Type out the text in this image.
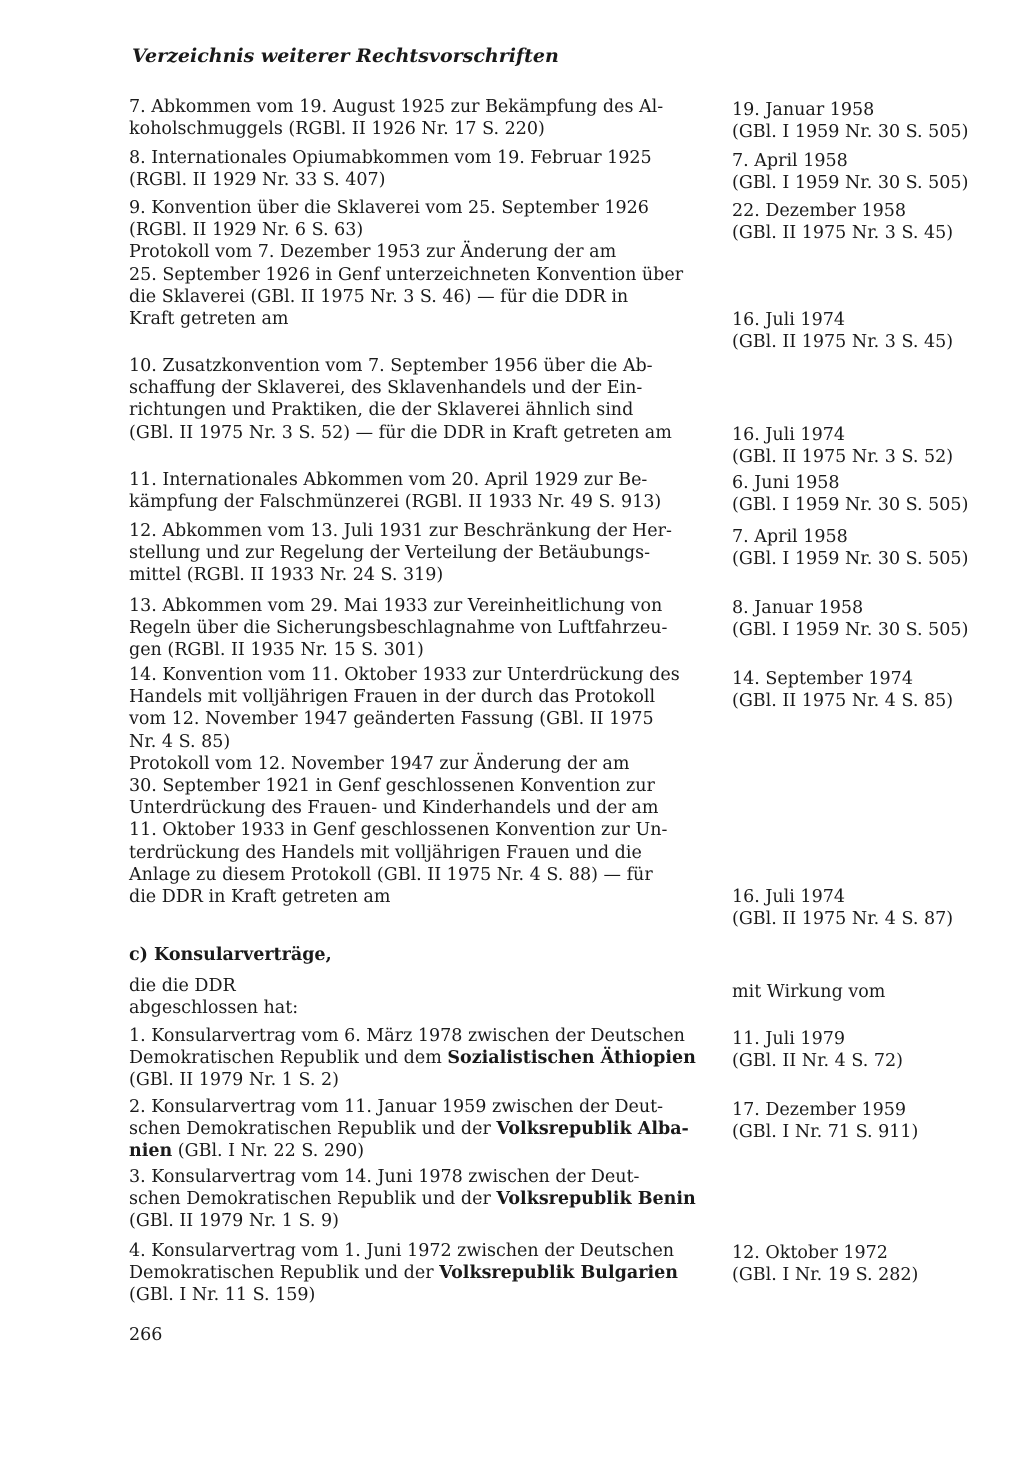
Verzeichnis weiterer Rechtsvorschriften
7. Abkommen vom 19. August 1925 zur Bekämpfung des Al-
koholschmuggels (RGBl. II 1926 Nr. 17 S. 220)
19. Januar 1958
(GBl. I 1959 Nr. 30 S. 505)
8. Internationales Opiumabkommen vom 19. Februar 1925
(RGBl. II 1929 Nr. 33 S. 407)
7. April 1958
(GBl. I 1959 Nr. 30 S. 505)
9. Konvention über die Sklaverei vom 25. September 1926
(RGBl. II 1929 Nr. 6 S. 63)
Protokoll vom 7. Dezember 1953 zur Änderung der am
25. September 1926 in Genf unterzeichneten Konvention über
die Sklaverei (GBl. II 1975 Nr. 3 S. 46) — für die DDR in
Kraft getreten am
22. Dezember 1958
(GBl. II 1975 Nr. 3 S. 45)
16. Juli 1974
(GBl. II 1975 Nr. 3 S. 45)
10. Zusatzkonvention vom 7. September 1956 über die Ab-
schaffung der Sklaverei, des Sklavenhandels und der Ein-
richtungen und Praktiken, die der Sklaverei ähnlich sind
(GBl. II 1975 Nr. 3 S. 52) — für die DDR in Kraft getreten am	16. Juli 1974
(GBl. II 1975 Nr. 3 S. 52)
11. Internationales Abkommen vom 20. April 1929 zur Be-
kämpfung der Falschmünzerei (RGBl. II 1933 Nr. 49 S. 913)
6. Juni 1958
(GBl. I 1959 Nr. 30 S. 505)
12. Abkommen vom 13. Juli 1931 zur Beschränkung der Her-
stellung und zur Regelung der Verteilung der Betäubungs-
mittel (RGBl. II 1933 Nr. 24 S. 319)
7. April 1958
(GBl. I 1959 Nr. 30 S. 505)
13. Abkommen vom 29. Mai 1933 zur Vereinheitlichung von
Regeln über die Sicherungsbeschlagnahme von Luftfahrzeu-
gen (RGBl. II 1935 Nr. 15 S. 301)
8. Januar 1958
(GBl. I 1959 Nr. 30 S. 505)
14. Konvention vom 11. Oktober 1933 zur Unterdrückung des
Handels mit volljährigen Frauen in der durch das Protokoll
vom 12. November 1947 geänderten Fassung (GBl. II 1975
Nr. 4 S. 85)
Protokoll vom 12. November 1947 zur Änderung der am
30. September 1921 in Genf geschlossenen Konvention zur
Unterdrückung des Frauen- und Kinderhandels und der am
11. Oktober 1933 in Genf geschlossenen Konvention zur Un-
terdrückung des Handels mit volljährigen Frauen und die
Anlage zu diesem Protokoll (GBl. II 1975 Nr. 4 S. 88) — für
die DDR in Kraft getreten am
14. September 1974
(GBl. II 1975 Nr. 4 S. 85)
16. Juli 1974
(GBl. II 1975 Nr. 4 S. 87)
c) Konsularverträge,
die die DDR
abgeschlossen hat:
mit Wirkung vom
1. Konsularvertrag vom 6. März 1978 zwischen der Deutschen
Demokratischen Republik und dem Sozialistischen Äthiopien
(GBl. II 1979 Nr. 1 S. 2)
11. Juli 1979
(GBl. II Nr. 4 S. 72)
2. Konsularvertrag vom 11. Januar 1959 zwischen der Deut-
schen Demokratischen Republik und der Volksrepublik Alba-
nien (GBl. I Nr. 22 S. 290)
17. Dezember 1959
(GBl. I Nr. 71 S. 911)
3. Konsularvertrag vom 14. Juni 1978 zwischen der Deut-
schen Demokratischen Republik und der Volksrepublik Benin
(GBl. II 1979 Nr. 1 S. 9)
4. Konsularvertrag vom 1. Juni 1972 zwischen der Deutschen
Demokratischen Republik und der Volksrepublik Bulgarien
(GBl. I Nr. 11 S. 159)
12. Oktober 1972
(GBl. I Nr. 19 S. 282)
266
